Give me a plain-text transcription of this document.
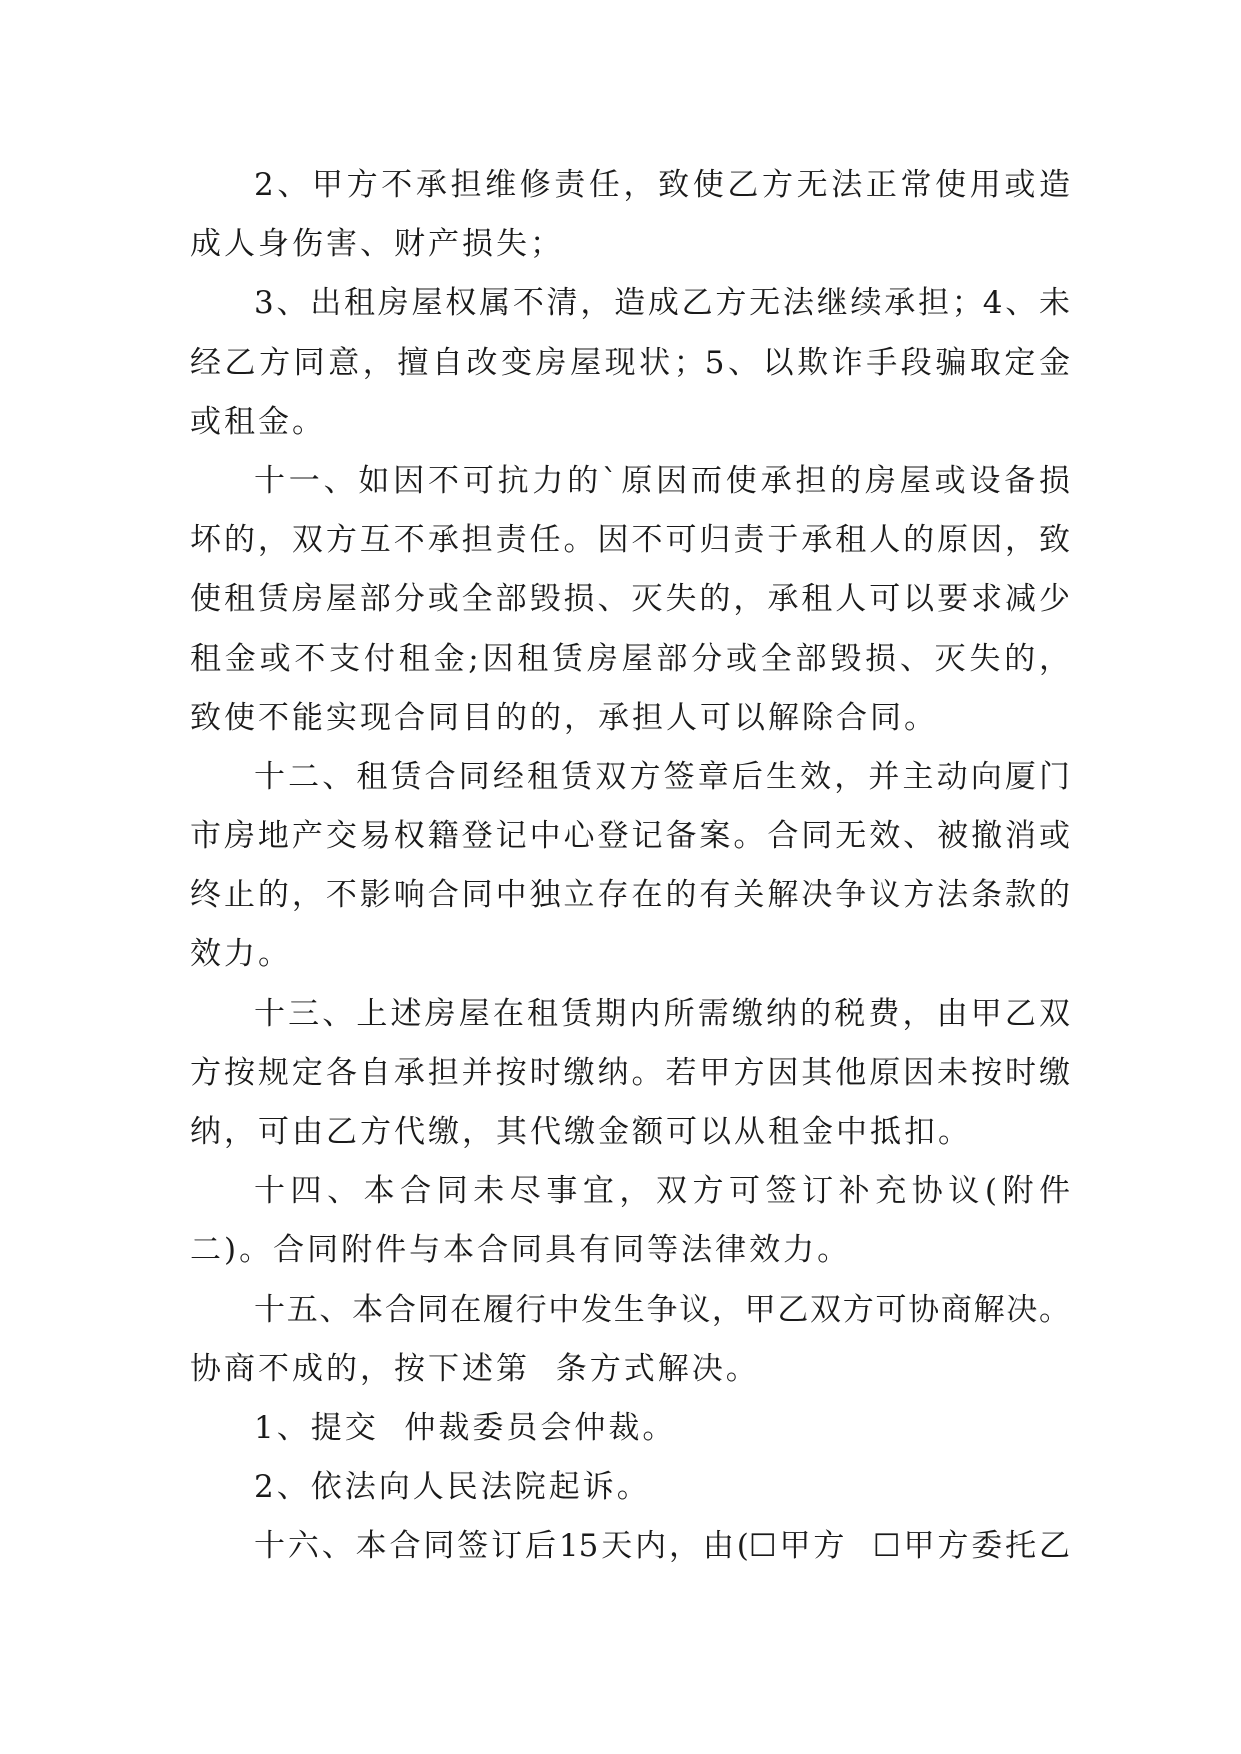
2、甲方不承担维修责任，致使乙方无法正常使用或造
成人身伤害、财产损失；
3、出租房屋权属不清，造成乙方无法继续承担；4、未
经乙方同意，擅自改变房屋现状；5、以欺诈手段骗取定金
或租金。
十一、如因不可抗力的`原因而使承担的房屋或设备损
坏的，双方互不承担责任。因不可归责于承租人的原因，致
使租赁房屋部分或全部毁损、灭失的，承租人可以要求减少
租金或不支付租金;因租赁房屋部分或全部毁损、灭失的，
致使不能实现合同目的的，承担人可以解除合同。
十二、租赁合同经租赁双方签章后生效，并主动向厦门
市房地产交易权籍登记中心登记备案。合同无效、被撤消或
终止的，不影响合同中独立存在的有关解决争议方法条款的
效力。
十三、上述房屋在租赁期内所需缴纳的税费，由甲乙双
方按规定各自承担并按时缴纳。若甲方因其他原因未按时缴
纳，可由乙方代缴，其代缴金额可以从租金中抵扣。
十四、本合同未尽事宜，双方可签订补充协议(附件
二)。合同附件与本合同具有同等法律效力。
十五、本合同在履行中发生争议，甲乙双方可协商解决。
协商不成的，按下述第  条方式解决。
1、提交  仲裁委员会仲裁。
2、依法向人民法院起诉。
十六、本合同签订后15天内，由(☐甲方  ☐甲方委托乙
